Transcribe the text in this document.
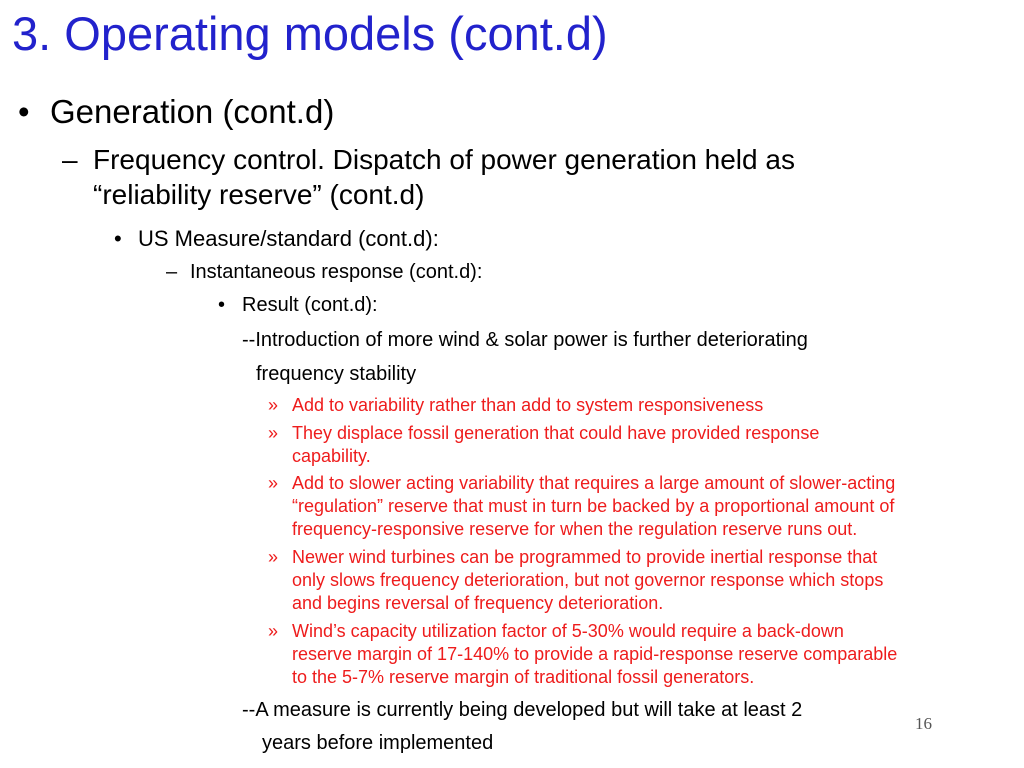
3. Operating models (cont.d)
• Generation (cont.d)
– Frequency control. Dispatch of power generation held as
“reliability reserve” (cont.d)
• US Measure/standard (cont.d):
– Instantaneous response (cont.d):
• Result (cont.d):
--Introduction of more wind & solar power is further deteriorating
frequency stability
» Add to variability rather than add to system responsiveness
» They displace fossil generation that could have provided response
capability.
» Add to slower acting variability that requires a large amount of slower-acting
“regulation” reserve that must in turn be backed by a proportional amount of
frequency-responsive reserve for when the regulation reserve runs out.
» Newer wind turbines can be programmed to provide inertial response that
only slows frequency deterioration, but not governor response which stops
and begins reversal of frequency deterioration.
» Wind’s capacity utilization factor of 5-30% would require a back-down
reserve margin of 17-140% to provide a rapid-response reserve comparable
to the 5-7% reserve margin of traditional fossil generators.
--A measure is currently being developed but will take at least 2
years before implemented
16
